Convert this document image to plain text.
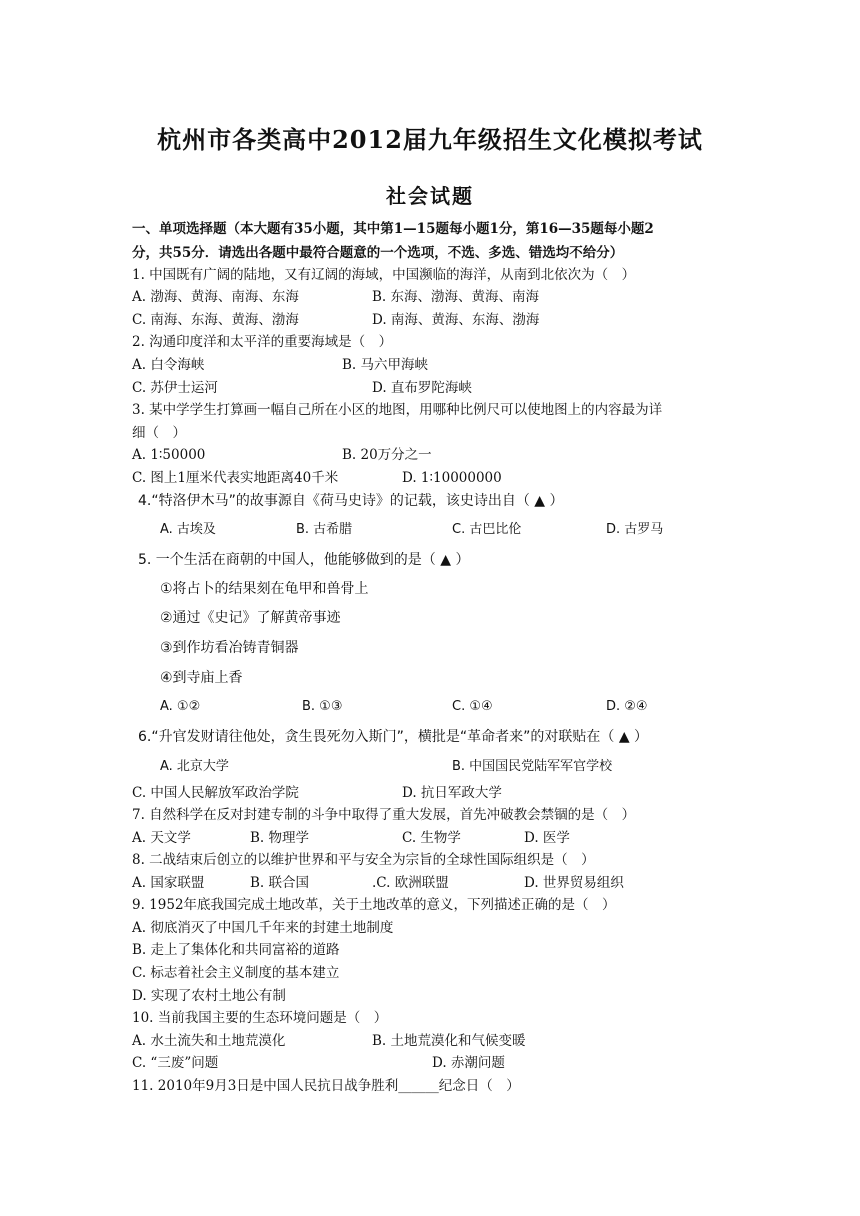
杭州市各类高中2012届九年级招生文化模拟考试
社会试题
一、单项选择题（本大题有35小题，其中第1—15题每小题1分，第16—35题每小题2
分，共55分．请选出各题中最符合题意的一个选项，不选、多选、错选均不给分）
1. 中国既有广阔的陆地，又有辽阔的海域，中国濒临的海洋，从南到北依次为（　）
A. 渤海、黄海、南海、东海	B. 东海、渤海、黄海、南海
C. 南海、东海、黄海、渤海	D. 南海、黄海、东海、渤海
2. 沟通印度洋和太平洋的重要海域是（　）
A. 白令海峡	B. 马六甲海峡
C. 苏伊士运河	D. 直布罗陀海峡
3. 某中学学生打算画一幅自己所在小区的地图，用哪种比例尺可以使地图上的内容最为详
细（　）
A. 1∶50000	B. 20万分之一
C. 图上1厘米代表实地距离40千米	D. 1∶10000000
4.“特洛伊木马”的故事源自《荷马史诗》的记载，该史诗出自（ ▲ ）
A. 古埃及	B. 古希腊	C. 古巴比伦	D. 古罗马
5. 一个生活在商朝的中国人，他能够做到的是（ ▲ ）
①将占卜的结果刻在龟甲和兽骨上
②通过《史记》了解黄帝事迹
③到作坊看冶铸青铜器
④到寺庙上香
A. ①②	B. ①③	C. ①④	D. ②④
6.“升官发财请往他处，贪生畏死勿入斯门”，横批是“革命者来”的对联贴在（ ▲ ）
A. 北京大学	B. 中国国民党陆军军官学校
C. 中国人民解放军政治学院	D. 抗日军政大学
7. 自然科学在反对封建专制的斗争中取得了重大发展，首先冲破教会禁锢的是（　）
A. 天文学	B. 物理学	C. 生物学	D. 医学
8. 二战结束后创立的以维护世界和平与安全为宗旨的全球性国际组织是（　）
A. 国家联盟	B. 联合国	.C. 欧洲联盟	D. 世界贸易组织
9. 1952年底我国完成土地改革，关于土地改革的意义，下列描述正确的是（　）
A. 彻底消灭了中国几千年来的封建土地制度
B. 走上了集体化和共同富裕的道路
C. 标志着社会主义制度的基本建立
D. 实现了农村土地公有制
10. 当前我国主要的生态环境问题是（　）
A. 水土流失和土地荒漠化	B. 土地荒漠化和气候变暖
C. “三废”问题	D. 赤潮问题
11. 2010年9月3日是中国人民抗日战争胜利______纪念日（　）
